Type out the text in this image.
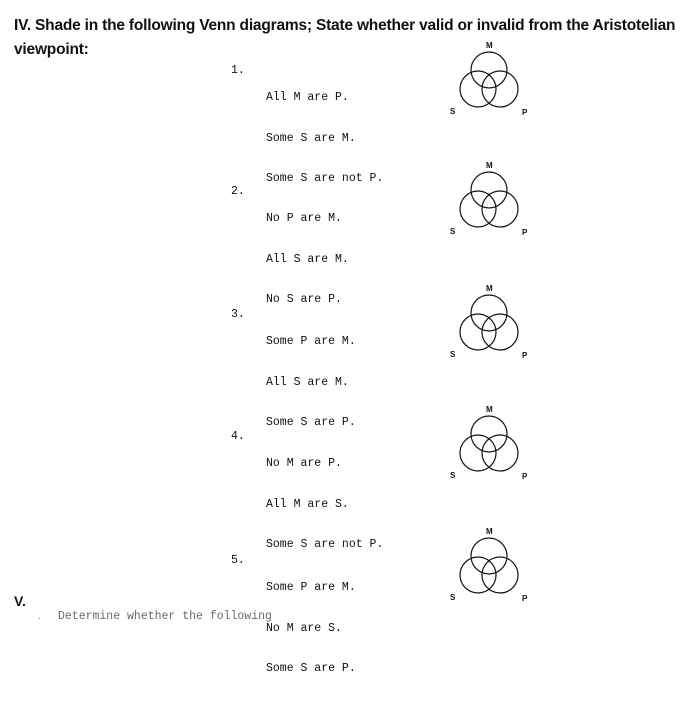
IV. Shade in the following Venn diagrams; State whether valid or invalid from the Aristotelian viewpoint:

1.

All M are P.

Some S are M.

Some S are not P.

M
S	P

2.

No P are M.

All S are M.

No S are P.

M
S	P

3.

Some P are M.

All S are M.

Some S are P.

M
S	P

4.

No M are P.

All M are S.

Some S are not P.

M
S	P

5.

Some P are M.

No M are S.

Some S are P.

M
S	P
V.
. Determine whether the following
